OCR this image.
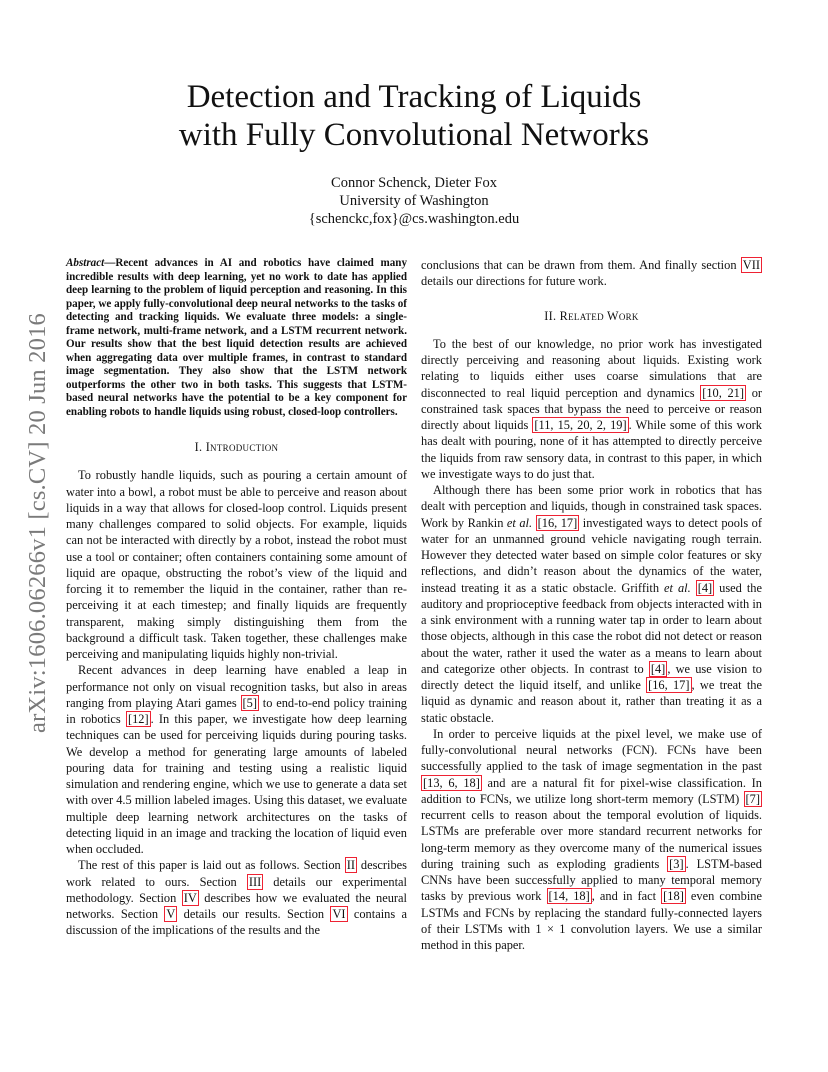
arXiv:1606.06266v1 [cs.CV] 20 Jun 2016
Detection and Tracking of Liquids
with Fully Convolutional Networks
Connor Schenck, Dieter Fox
University of Washington
{schenckc,fox}@cs.washington.edu
Abstract—Recent advances in AI and robotics have claimed many incredible results with deep learning, yet no work to date has applied deep learning to the problem of liquid perception and reasoning. In this paper, we apply fully-convolutional deep neural networks to the tasks of detecting and tracking liquids. We evaluate three models: a single-frame network, multi-frame network, and a LSTM recurrent network. Our results show that the best liquid detection results are achieved when aggregating data over multiple frames, in contrast to standard image segmentation. They also show that the LSTM network outperforms the other two in both tasks. This suggests that LSTM-based neural networks have the potential to be a key component for enabling robots to handle liquids using robust, closed-loop controllers.
I. Introduction

To robustly handle liquids, such as pouring a certain amount of water into a bowl, a robot must be able to perceive and reason about liquids in a way that allows for closed-loop control. Liquids present many challenges compared to solid objects. For example, liquids can not be interacted with directly by a robot, instead the robot must use a tool or container; often containers containing some amount of liquid are opaque, obstructing the robot’s view of the liquid and forcing it to remember the liquid in the container, rather than re-perceiving it at each timestep; and finally liquids are frequently transparent, making simply distinguishing them from the background a difficult task. Taken together, these challenges make perceiving and manipulating liquids highly non-trivial.

Recent advances in deep learning have enabled a leap in performance not only on visual recognition tasks, but also in areas ranging from playing Atari games [5] to end-to-end policy training in robotics [12] . In this paper, we investigate how deep learning techniques can be used for perceiving liquids during pouring tasks. We develop a method for generating large amounts of labeled pouring data for training and testing using a realistic liquid simulation and rendering engine, which we use to generate a data set with over 4.5 million labeled images. Using this dataset, we evaluate multiple deep learning network architectures on the tasks of detecting liquid in an image and tracking the location of liquid even when occluded.

The rest of this paper is laid out as follows. Section II describes work related to ours. Section III details our experimental methodology. Section IV describes how we evaluated the neural networks. Section V details our results. Section VI contains a discussion of the implications of the results and the

conclusions that can be drawn from them. And finally section VII details our directions for future work.

II. Related Work

To the best of our knowledge, no prior work has investigated directly perceiving and reasoning about liquids. Existing work relating to liquids either uses coarse simulations that are disconnected to real liquid perception and dynamics [10, 21] or constrained task spaces that bypass the need to perceive or reason directly about liquids [11, 15, 20, 2, 19] . While some of this work has dealt with pouring, none of it has attempted to directly perceive the liquids from raw sensory data, in contrast to this paper, in which we investigate ways to do just that.

Although there has been some prior work in robotics that has dealt with perception and liquids, though in constrained task spaces. Work by Rankin et al. [16, 17] investigated ways to detect pools of water for an unmanned ground vehicle navigating rough terrain. However they detected water based on simple color features or sky reflections, and didn’t reason about the dynamics of the water, instead treating it as a static obstacle. Griffith et al. [4] used the auditory and proprioceptive feedback from objects interacted with in a sink environment with a running water tap in order to learn about those objects, although in this case the robot did not detect or reason about the water, rather it used the water as a means to learn about and categorize other objects. In contrast to [4] , we use vision to directly detect the liquid itself, and unlike [16, 17] , we treat the liquid as dynamic and reason about it, rather than treating it as a static obstacle.

In order to perceive liquids at the pixel level, we make use of fully-convolutional neural networks (FCN). FCNs have been successfully applied to the task of image segmentation in the past [13, 6, 18] and are a natural fit for pixel-wise classification. In addition to FCNs, we utilize long short-term memory (LSTM) [7] recurrent cells to reason about the temporal evolution of liquids. LSTMs are preferable over more standard recurrent networks for long-term memory as they overcome many of the numerical issues during training such as exploding gradients [3] . LSTM-based CNNs have been successfully applied to many temporal memory tasks by previous work [14, 18] , and in fact [18] even combine LSTMs and FCNs by replacing the standard fully-connected layers of their LSTMs with 1 × 1 convolution layers. We use a similar method in this paper.
